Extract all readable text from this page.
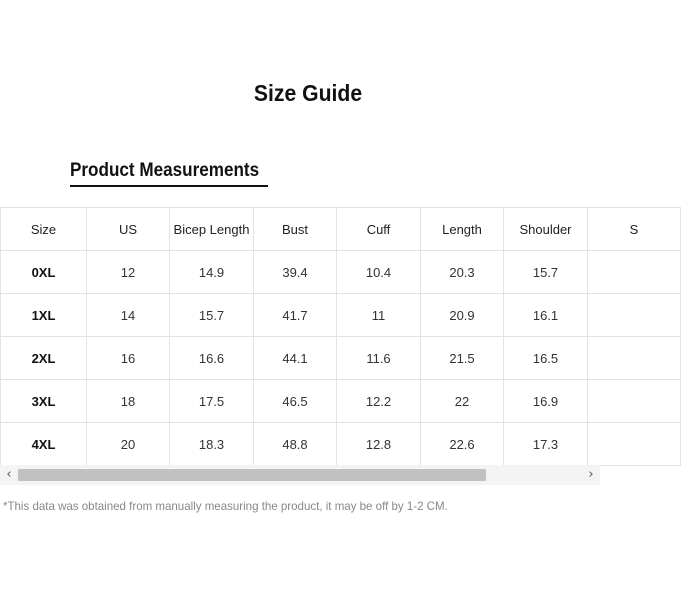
Size Guide
Product Measurements
Size	US	Bicep Length	Bust	Cuff	Length	Shoulder	S
0XL	12	14.9	39.4	10.4	20.3	15.7	
1XL	14	15.7	41.7	11	20.9	16.1	
2XL	16	16.6	44.1	11.6	21.5	16.5	
3XL	18	17.5	46.5	12.2	22	16.9	
4XL	20	18.3	48.8	12.8	22.6	17.3	
‹	›
*This data was obtained from manually measuring the product, it may be off by 1-2 CM.
